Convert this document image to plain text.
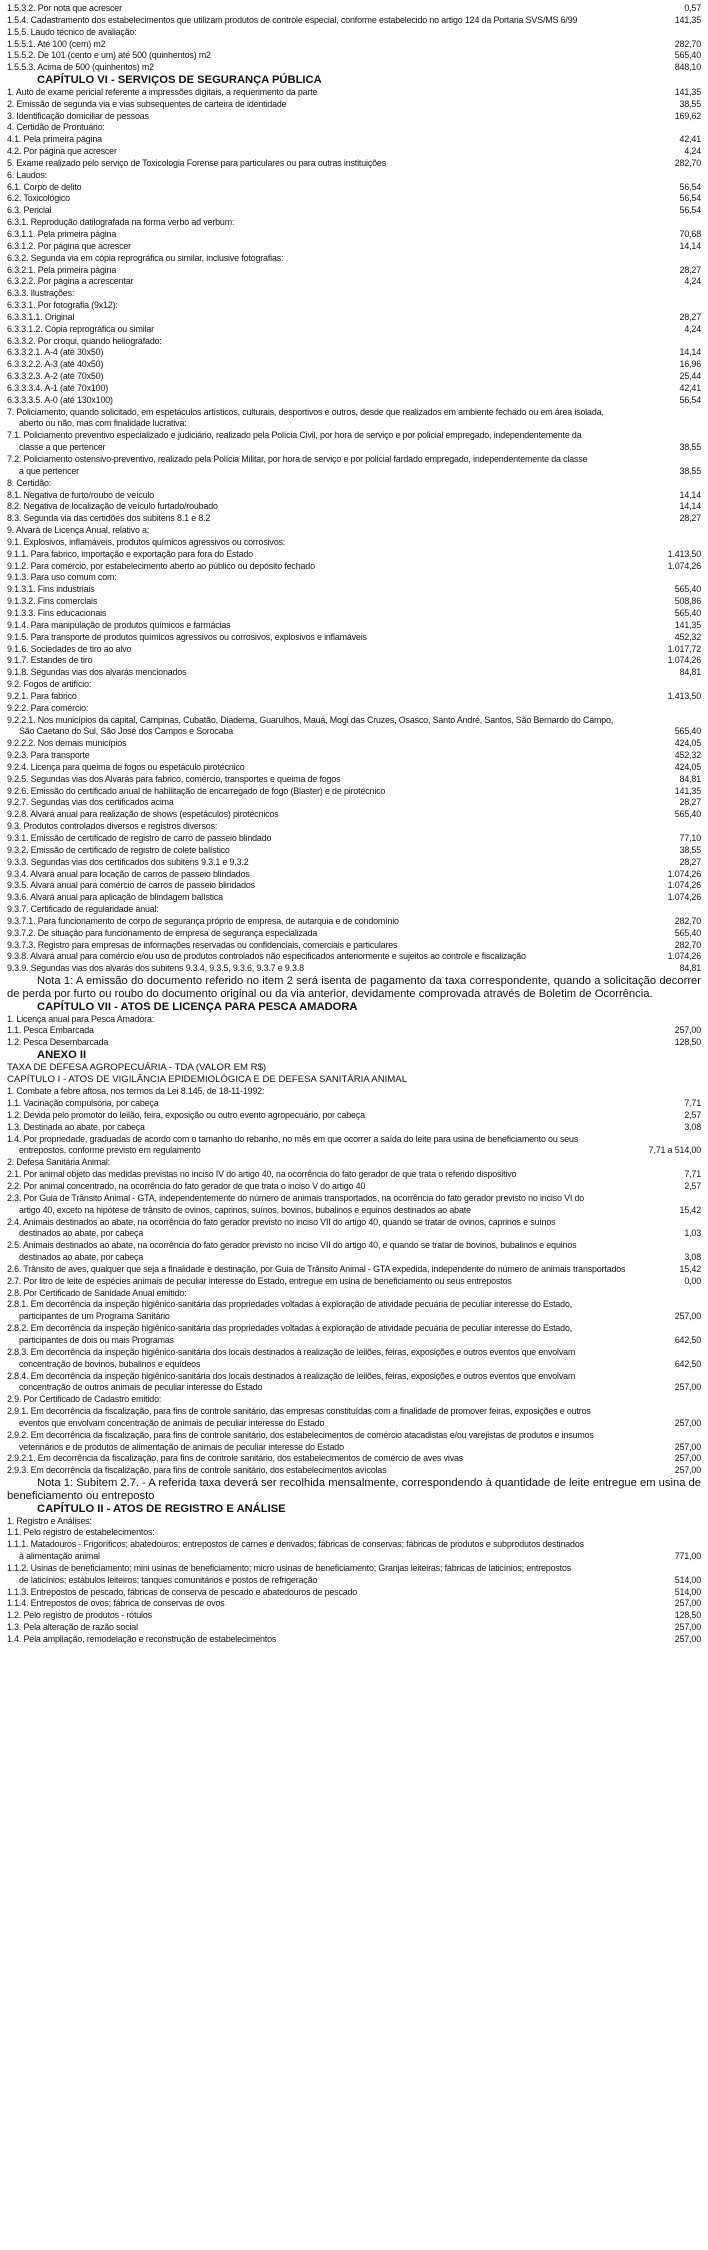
1.5.3.2. Por nota que acrescer	0,57
1.5.4. Cadastramento dos estabelecimentos que utilizam produtos de controle especial, conforme estabelecido no artigo 124 da Portaria SVS/MS 6/99	141,35
1.5.5. Laudo técnico de avaliação:
1.5.5.1. Até 100 (cem) m2	282,70
1.5.5.2. De 101 (cento e um) até 500 (quinhentos) m2	565,40
1.5.5.3. Acima de 500 (quinhentos) m2	848,10
CAPÍTULO VI - SERVIÇOS DE SEGURANÇA PÚBLICA
1. Auto de exame pericial referente a impressões digitais, a requerimento da parte	141,35
2. Emissão de segunda via e vias subsequentes de carteira de identidade	38,55
3. Identificação domiciliar de pessoas	169,62
4. Certidão de Prontuário:
4.1. Pela primeira página	42,41
4.2. Por página que acrescer	4,24
5. Exame realizado pelo serviço de Toxicologia Forense para particulares ou para outras instituições	282,70
6. Laudos:
6.1. Corpo de delito	56,54
6.2. Toxicológico	56,54
6.3. Pericial	56,54
6.3.1. Reprodução datilografada na forma verbo ad verbum:
6.3.1.1. Pela primeira página	70,68
6.3.1.2. Por página que acrescer	14,14
6.3.2. Segunda via em cópia reprográfica ou similar, inclusive fotografias:
6.3.2.1. Pela primeira página	28,27
6.3.2.2. Por página a acrescentar	4,24
6.3.3. Ilustrações:
6.3.3.1. Por fotografia (9x12):
6.3.3.1.1. Original	28,27
6.3.3.1.2. Cópia reprográfica ou similar	4,24
6.3.3.2. Por croqui, quando heliografado:
6.3.3.2.1. A-4 (até 30x50)	14,14
6.3.3.2.2. A-3 (até 40x50)	16,96
6.3.3.2.3. A-2 (até 70x50)	25,44
6.3.3.3.4. A-1 (até 70x100)	42,41
6.3.3.3.5. A-0 (até 130x100)	56,54
7. Policiamento, quando solicitado, em espetáculos artísticos, culturais, desportivos e outros, desde que realizados em ambiente fechado ou em área isolada,
aberto ou não, mas com finalidade lucrativa:
7.1. Policiamento preventivo especializado e judiciário, realizado pela Polícia Civil, por hora de serviço e por policial empregado, independentemente da
classe a que pertencer	38,55
7.2. Policiamento ostensivo-preventivo, realizado pela Polícia Militar, por hora de serviço e por policial fardado empregado, independentemente da classe
a que pertencer	38,55
8. Certidão:
8.1. Negativa de furto/roubo de veículo	14,14
8.2. Negativa de localização de veículo furtado/roubado	14,14
8.3. Segunda via das certidões dos subitens 8.1 e 8.2	28,27
9. Alvará de Licença Anual, relativo a:
9.1. Explosivos, inflamáveis, produtos químicos agressivos ou corrosivos:
9.1.1. Para fabrico, importação e exportação para fora do Estado	1.413,50
9.1.2. Para comércio, por estabelecimento aberto ao público ou depósito fechado	1.074,26
9.1.3. Para uso comum com:
9.1.3.1. Fins industriais	565,40
9.1.3.2. Fins comerciais	508,86
9.1.3.3. Fins educacionais	565,40
9.1.4. Para manipulação de produtos químicos e farmácias	141,35
9.1.5. Para transporte de produtos químicos agressivos ou corrosivos, explosivos e inflamáveis	452,32
9.1.6. Sociedades de tiro ao alvo	1.017,72
9.1.7. Estandes de tiro	1.074,26
9.1.8. Segundas vias dos alvarás mencionados	84,81
9.2. Fogos de artifício:
9.2.1. Para fabrico	1.413,50
9.2.2. Para comércio:
9.2.2.1. Nos municípios da capital, Campinas, Cubatão, Diadema, Guarulhos, Mauá, Mogi das Cruzes, Osasco, Santo André, Santos, São Bernardo do Campo,
São Caetano do Sul, São José dos Campos e Sorocaba	565,40
9.2.2.2. Nos demais municípios	424,05
9.2.3. Para transporte	452,32
9.2.4. Licença para queima de fogos ou espetáculo pirotécnico	424,05
9.2.5. Segundas vias dos Alvarás para fabrico, comércio, transportes e queima de fogos	84,81
9.2.6. Emissão do certificado anual de habilitação de encarregado de fogo (Blaster) e de pirotécnico	141,35
9.2.7. Segundas vias dos certificados acima	28,27
9.2.8. Alvará anual para realização de shows (espetáculos) pirotécnicos	565,40
9.3. Produtos controlados diversos e registros diversos:
9.3.1. Emissão de certificado de registro de carro de passeio blindado	77,10
9.3.2. Emissão de certificado de registro de colete balístico	38,55
9.3.3. Segundas vias dos certificados dos subitens 9.3.1 e 9.3.2	28,27
9.3.4. Alvará anual para locação de carros de passeio blindados	1.074,26
9.3.5. Alvará anual para comércio de carros de passeio blindados	1.074,26
9.3.6. Alvará anual para aplicação de blindagem balística	1.074,26
9.3.7. Certificado de regularidade anual:
9.3.7.1. Para funcionamento de corpo de segurança próprio de empresa, de autarquia e de condomínio	282,70
9.3.7.2. De situação para funcionamento de empresa de segurança especializada	565,40
9.3.7.3. Registro para empresas de informações reservadas ou confidenciais, comerciais e particulares	282,70
9.3.8. Alvará anual para comércio e/ou uso de produtos controlados não especificados anteriormente e sujeitos ao controle e fiscalização	1.074,26
9.3.9. Segundas vias dos alvarás dos subitens 9.3.4, 9.3.5, 9.3.6, 9.3.7 e 9.3.8	84,81
Nota 1: A emissão do documento referido no item 2 será isenta de pagamento da taxa correspondente, quando a solicitação decorrer de perda por furto ou roubo do documento original ou da via anterior, devidamente comprovada através de Boletim de Ocorrência.
CAPÍTULO VII - ATOS DE LICENÇA PARA PESCA AMADORA
1. Licença anual para Pesca Amadora:
1.1. Pesca Embarcada	257,00
1.2. Pesca Desembarcada	128,50
ANEXO II
TAXA DE DEFESA AGROPECUÁRIA - TDA (VALOR EM R$)
CAPÍTULO I - ATOS DE VIGILÂNCIA EPIDEMIOLÓGICA E DE DEFESA SANITÁRIA ANIMAL
1. Combate a febre aftosa, nos termos da Lei 8.145, de 18-11-1992:
1.1. Vacinação compulsória, por cabeça	7,71
1.2. Devida pelo promotor do leilão, feira, exposição ou outro evento agropecuário, por cabeça	2,57
1.3. Destinada ao abate, por cabeça	3,08
1.4. Por propriedade, graduadas de acordo com o tamanho do rebanho, no mês em que ocorrer a saída do leite para usina de beneficiamento ou seus
entrepostos, conforme previsto em regulamento	7,71 a 514,00
2. Defesa Sanitária Animal:
2.1. Por animal objeto das medidas previstas no inciso IV do artigo 40, na ocorrência do fato gerador de que trata o referido dispositivo	7,71
2.2. Por animal concentrado, na ocorrência do fato gerador de que trata o inciso V do artigo 40	2,57
2.3. Por Guia de Trânsito Animal - GTA, independentemente do número de animais transportados, na ocorrência do fato gerador previsto no inciso VI do
artigo 40, exceto na hipótese de trânsito de ovinos, caprinos, suínos, bovinos, bubalinos e equinos destinados ao abate	15,42
2.4. Animais destinados ao abate, na ocorrência do fato gerador previsto no inciso VII do artigo 40, quando se tratar de ovinos, caprinos e suínos
destinados ao abate, por cabeça	1,03
2.5. Animais destinados ao abate, na ocorrência do fato gerador previsto no inciso VII do artigo 40, e quando se tratar de bovinos, bubalinos e equinos
destinados ao abate, por cabeça	3,08
2.6. Trânsito de aves, qualquer que seja a finalidade e destinação, por Guia de Trânsito Animal - GTA expedida, independente do número de animais transportados	15,42
2.7. Por litro de leite de espécies animais de peculiar interesse do Estado, entregue em usina de beneficiamento ou seus entrepostos	0,00
2.8. Por Certificado de Sanidade Anual emitido:
2.8.1. Em decorrência da inspeção higiênico-sanitária das propriedades voltadas à exploração de atividade pecuária de peculiar interesse do Estado,
participantes de um Programa Sanitário	257,00
2.8.2. Em decorrência da inspeção higiênico-sanitária das propriedades voltadas à exploração de atividade pecuária de peculiar interesse do Estado,
participantes de dois ou mais Programas	642,50
2.8.3. Em decorrência da inspeção higiênico-sanitária dos locais destinados à realização de leilões, feiras, exposições e outros eventos que envolvam
concentração de bovinos, bubalinos e equídeos	642,50
2.8.4. Em decorrência da inspeção higiênico-sanitária dos locais destinados à realização de leilões, feiras, exposições e outros eventos que envolvam
concentração de outros animais de peculiar interesse do Estado	257,00
2.9. Por Certificado de Cadastro emitido:
2.9.1. Em decorrência da fiscalização, para fins de controle sanitário, das empresas constituídas com a finalidade de promover feiras, exposições e outros
eventos que envolvam concentração de animais de peculiar interesse do Estado	257,00
2.9.2. Em decorrência da fiscalização, para fins de controle sanitário, dos estabelecimentos de comércio atacadistas e/ou varejistas de produtos e insumos
veterinários e de produtos de alimentação de animais de peculiar interesse do Estado	257,00
2.9.2.1. Em decorrência da fiscalização, para fins de controle sanitário, dos estabelecimentos de comércio de aves vivas	257,00
2.9.3. Em decorrência da fiscalização, para fins de controle sanitário, dos estabelecimentos avícolas	257,00
Nota 1: Subitem 2.7. - A referida taxa deverá ser recolhida mensalmente, correspondendo à quantidade de leite entregue em usina de beneficiamento ou entreposto
CAPÍTULO II - ATOS DE REGISTRO E ANÁLISE
1. Registro e Análises:
1.1. Pelo registro de estabelecimentos:
1.1.1. Matadouros - Frigoríficos; abatedouros; entrepostos de carnes e derivados; fábricas de conservas; fábricas de produtos e subprodutos destinados
à alimentação animal	771,00
1.1.2. Usinas de beneficiamento; mini usinas de beneficiamento; micro usinas de beneficiamento; Granjas leiteiras; fábricas de laticínios; entrepostos
de laticínios; estábulos leiteiros; tanques comunitários e postos de refrigeração	514,00
1.1.3. Entrepostos de pescado, fábricas de conserva de pescado e abatedouros de pescado	514,00
1.1.4. Entrepostos de ovos; fábrica de conservas de ovos	257,00
1.2. Pelo registro de produtos - rótulos	128,50
1.3. Pela alteração de razão social	257,00
1.4. Pela ampliação, remodelação e reconstrução de estabelecimentos	257,00
